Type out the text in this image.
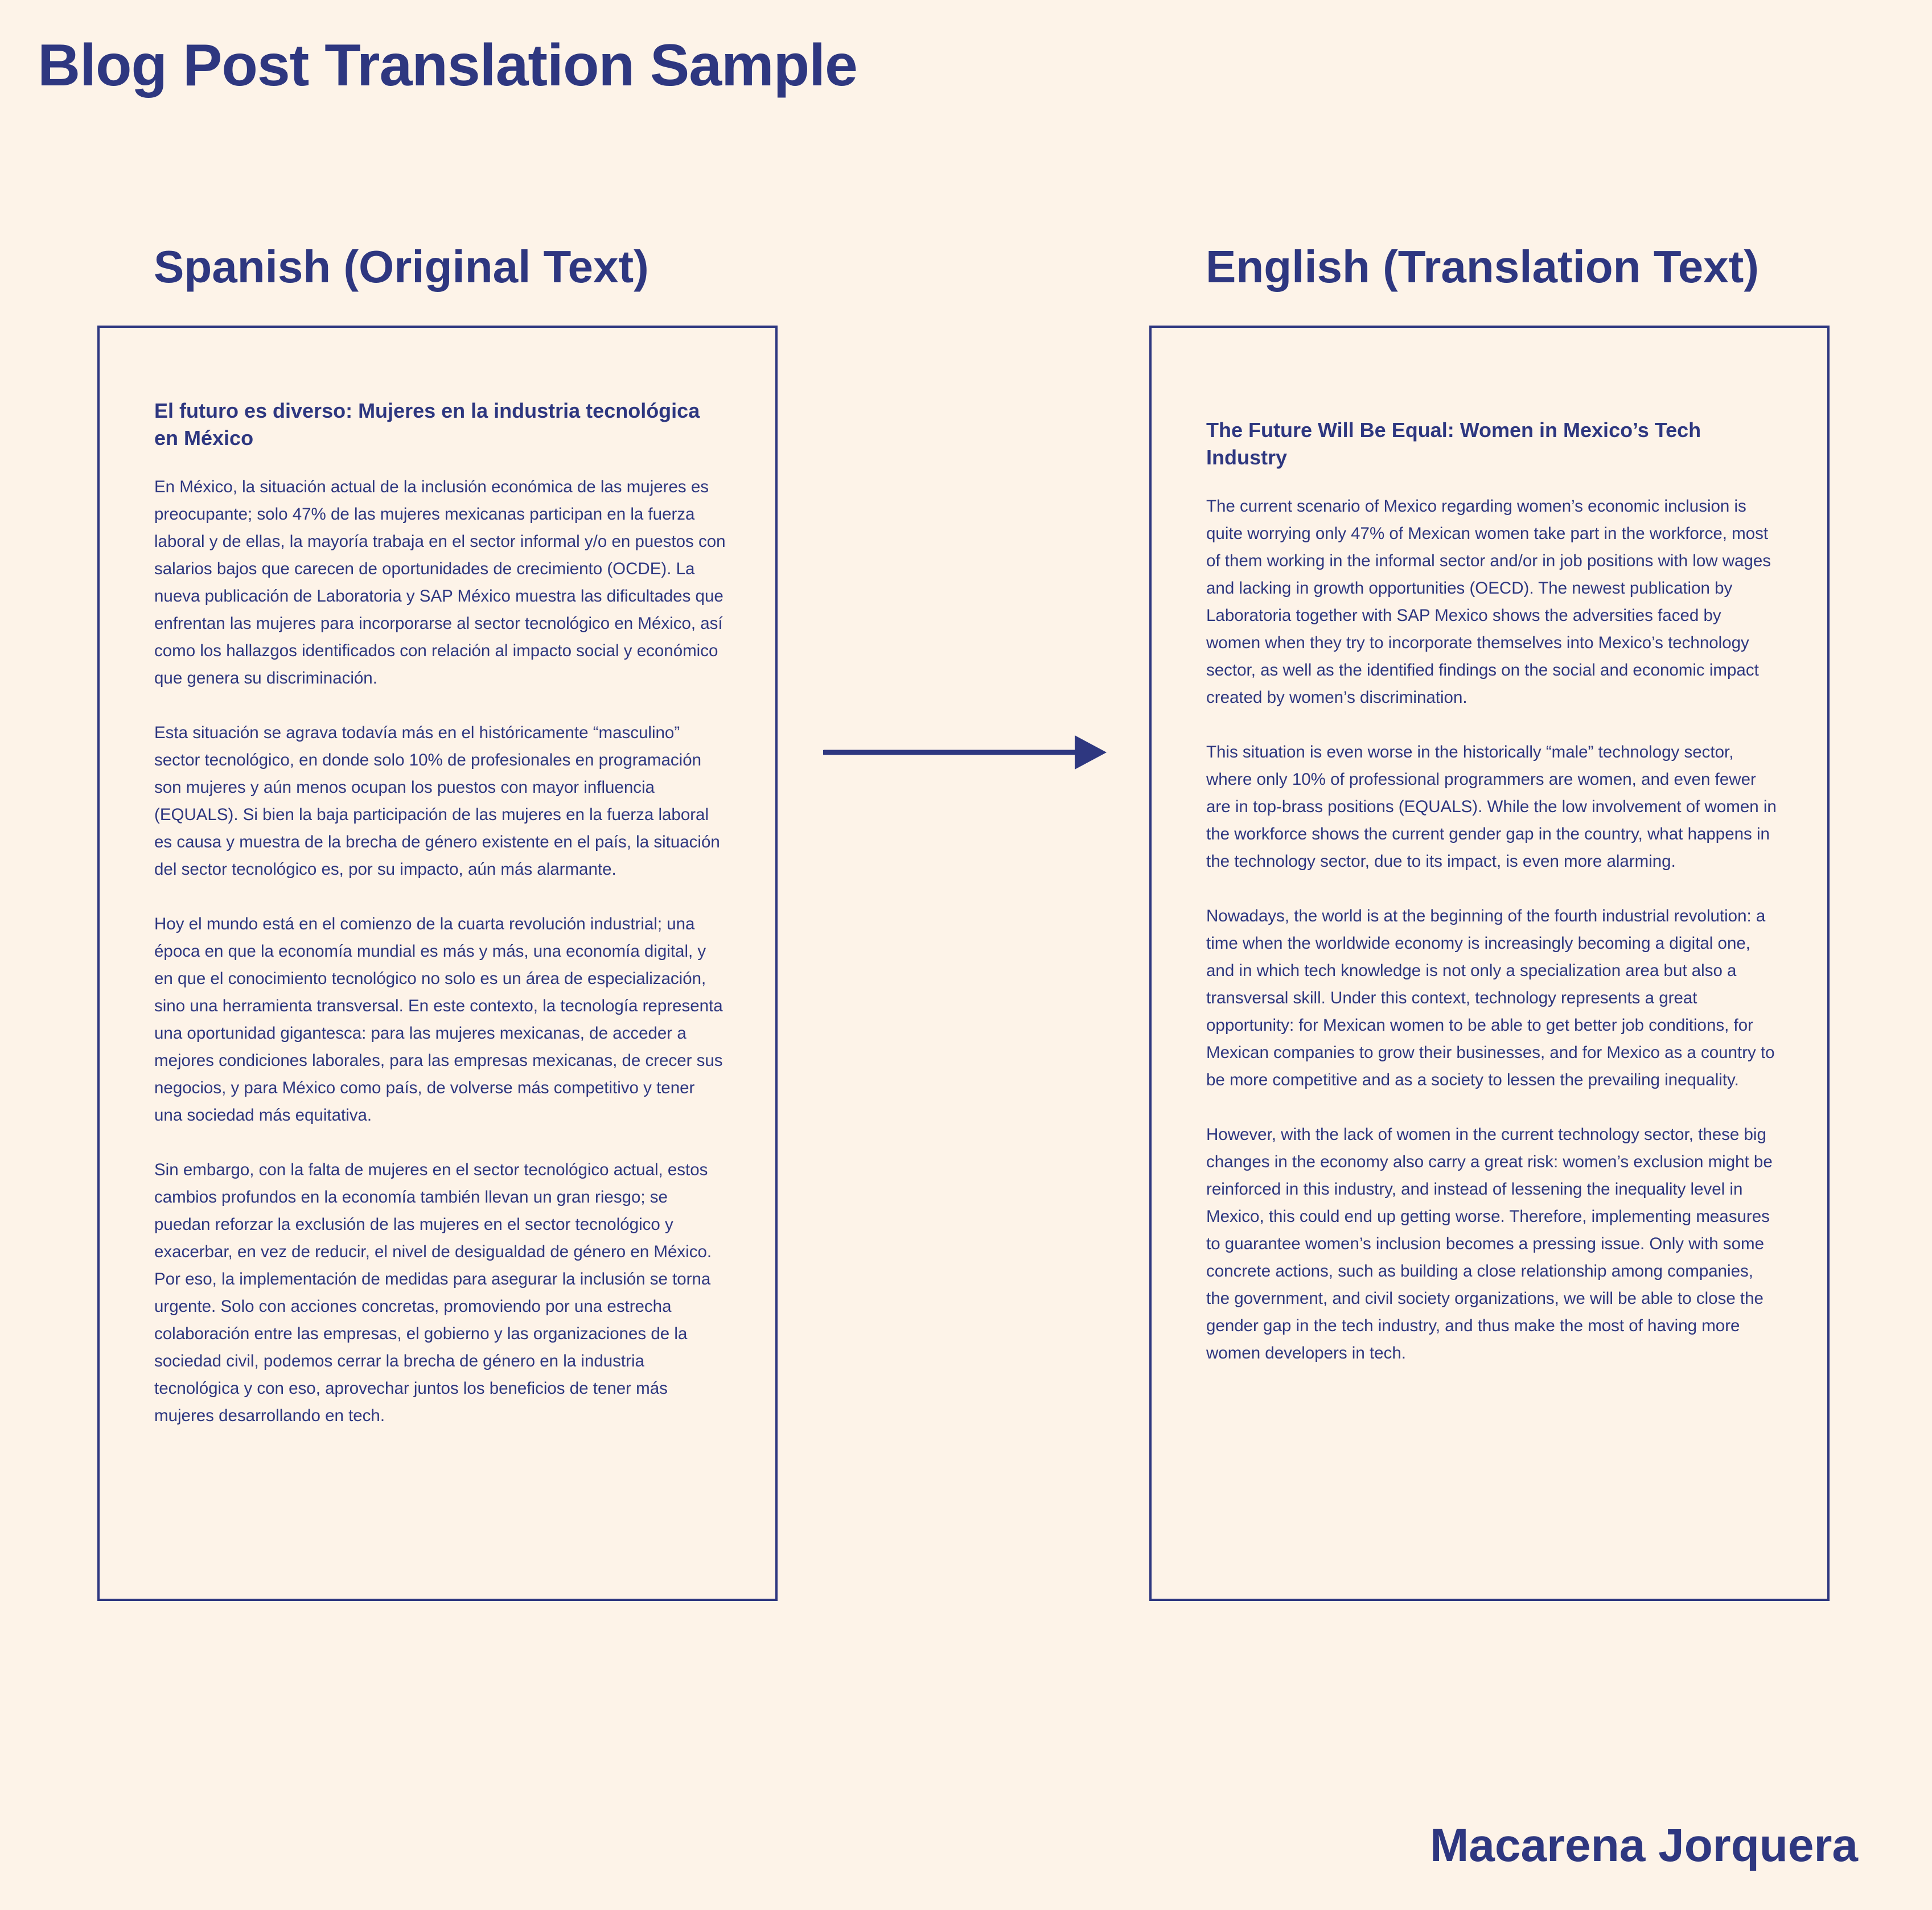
Blog Post Translation Sample
Spanish (Original Text)	English (Translation Text)
El futuro es diverso: Mujeres en la industria tecnológica en México

En México, la situación actual de la inclusión económica de las mujeres es preocupante; solo 47% de las mujeres mexicanas participan en la fuerza laboral y de ellas, la mayoría trabaja en el sector informal y/o en puestos con salarios bajos que carecen de oportunidades de crecimiento (OCDE). La nueva publicación de Laboratoria y SAP México muestra las dificultades que enfrentan las mujeres para incorporarse al sector tecnológico en México, así como los hallazgos identificados con relación al impacto social y económico que genera su discriminación.

Esta situación se agrava todavía más en el históricamente “masculino” sector tecnológico, en donde solo 10% de profesionales en programación son mujeres y aún menos ocupan los puestos con mayor influencia (EQUALS). Si bien la baja participación de las mujeres en la fuerza laboral es causa y muestra de la brecha de género existente en el país, la situación del sector tecnológico es, por su impacto, aún más alarmante.

Hoy el mundo está en el comienzo de la cuarta revolución industrial; una época en que la economía mundial es más y más, una economía digital, y en que el conocimiento tecnológico no solo es un área de especialización, sino una herramienta transversal. En este contexto, la tecnología representa una oportunidad gigantesca: para las mujeres mexicanas, de acceder a mejores condiciones laborales, para las empresas mexicanas, de crecer sus negocios, y para México como país, de volverse más competitivo y tener una sociedad más equitativa.

Sin embargo, con la falta de mujeres en el sector tecnológico actual, estos cambios profundos en la economía también llevan un gran riesgo; se puedan reforzar la exclusión de las mujeres en el sector tecnológico y exacerbar, en vez de reducir, el nivel de desigualdad de género en México. Por eso, la implementación de medidas para asegurar la inclusión se torna urgente. Solo con acciones concretas, promoviendo por una estrecha colaboración entre las empresas, el gobierno y las organizaciones de la sociedad civil, podemos cerrar la brecha de género en la industria tecnológica y con eso, aprovechar juntos los beneficios de tener más mujeres desarrollando en tech.

The Future Will Be Equal: Women in Mexico’s Tech Industry

The current scenario of Mexico regarding women’s economic inclusion is quite worrying only 47% of Mexican women take part in the workforce, most of them working in the informal sector and/or in job positions with low wages and lacking in growth opportunities (OECD). The newest publication by Laboratoria together with SAP Mexico shows the adversities faced by women when they try to incorporate themselves into Mexico’s technology sector, as well as the identified findings on the social and economic impact created by women’s discrimination.

This situation is even worse in the historically “male” technology sector, where only 10% of professional programmers are women, and even fewer are in top-brass positions (EQUALS). While the low involvement of women in the workforce shows the current gender gap in the country, what happens in the technology sector, due to its impact, is even more alarming.

Nowadays, the world is at the beginning of the fourth industrial revolution: a time when the worldwide economy is increasingly becoming a digital one, and in which tech knowledge is not only a specialization area but also a transversal skill. Under this context, technology represents a great opportunity: for Mexican women to be able to get better job conditions, for Mexican companies to grow their businesses, and for Mexico as a country to be more competitive and as a society to lessen the prevailing inequality.

However, with the lack of women in the current technology sector, these big changes in the economy also carry a great risk: women’s exclusion might be reinforced in this industry, and instead of lessening the inequality level in Mexico, this could end up getting worse. Therefore, implementing measures to guarantee women’s inclusion becomes a pressing issue. Only with some concrete actions, such as building a close relationship among companies, the government, and civil society organizations, we will be able to close the gender gap in the tech industry, and thus make the most of having more women developers in tech.

Macarena Jorquera
